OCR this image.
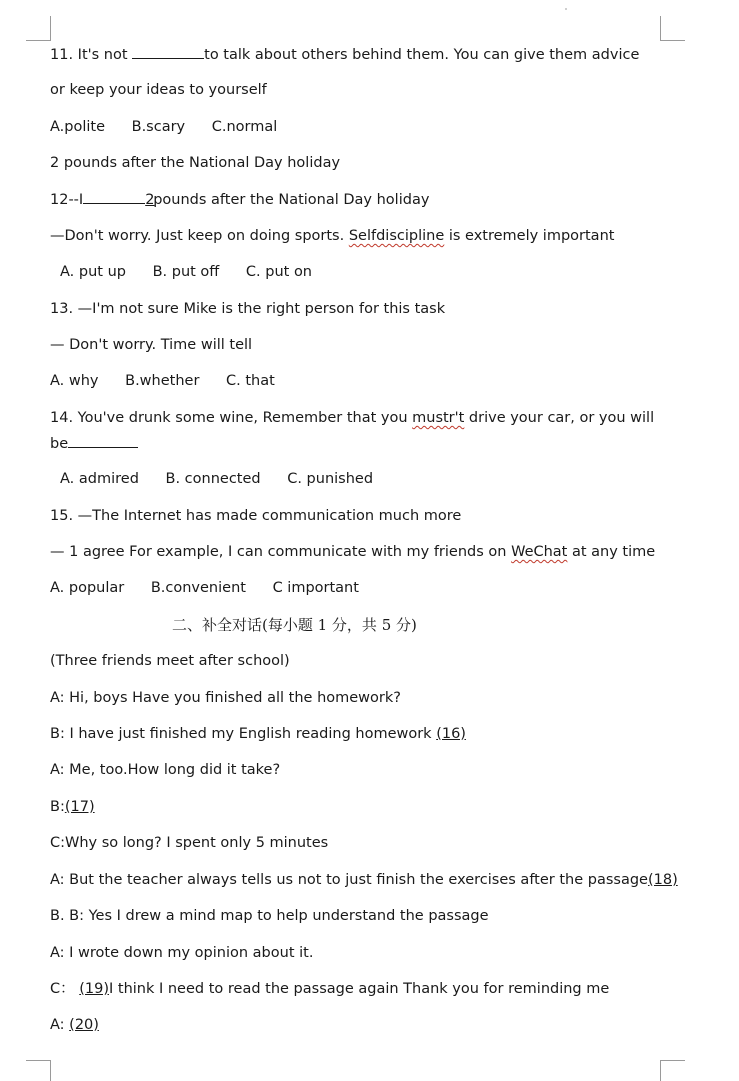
11. It's not	to talk about others behind them. You can give them advice
or keep your ideas to yourself
A.polite B.scary C.normal
2 pounds after the National Day holiday
12--I	2pounds after the National Day holiday
—Don't worry. Just keep on doing sports. Selfdiscipline is extremely important
A. put up B. put off C. put on
13. —I'm not sure Mike is the right person for this task
— Don't worry. Time will tell
A. why B.whether C. that
14. You've drunk some wine, Remember that you mustr't drive your car, or you will
be
A. admired B. connected C. punished
15. —The Internet has made communication much more
— 1 agree For example, I can communicate with my friends on WeChat at any time
A. popular B.convenient C important
二、补全对话(每小题 1 分，共 5 分)
(Three friends meet after school)
A: Hi, boys Have you finished all the homework?
B: I have just finished my English reading homework (16)
A: Me, too.How long did it take?
B:(17)
C:Why so long? I spent only 5 minutes
A: But the teacher always tells us not to just finish the exercises after the passage(18)
B. B: Yes I drew a mind map to help understand the passage
A: I wrote down my opinion about it.
C： (19)I think I need to read the passage again Thank you for reminding me
A: (20)
